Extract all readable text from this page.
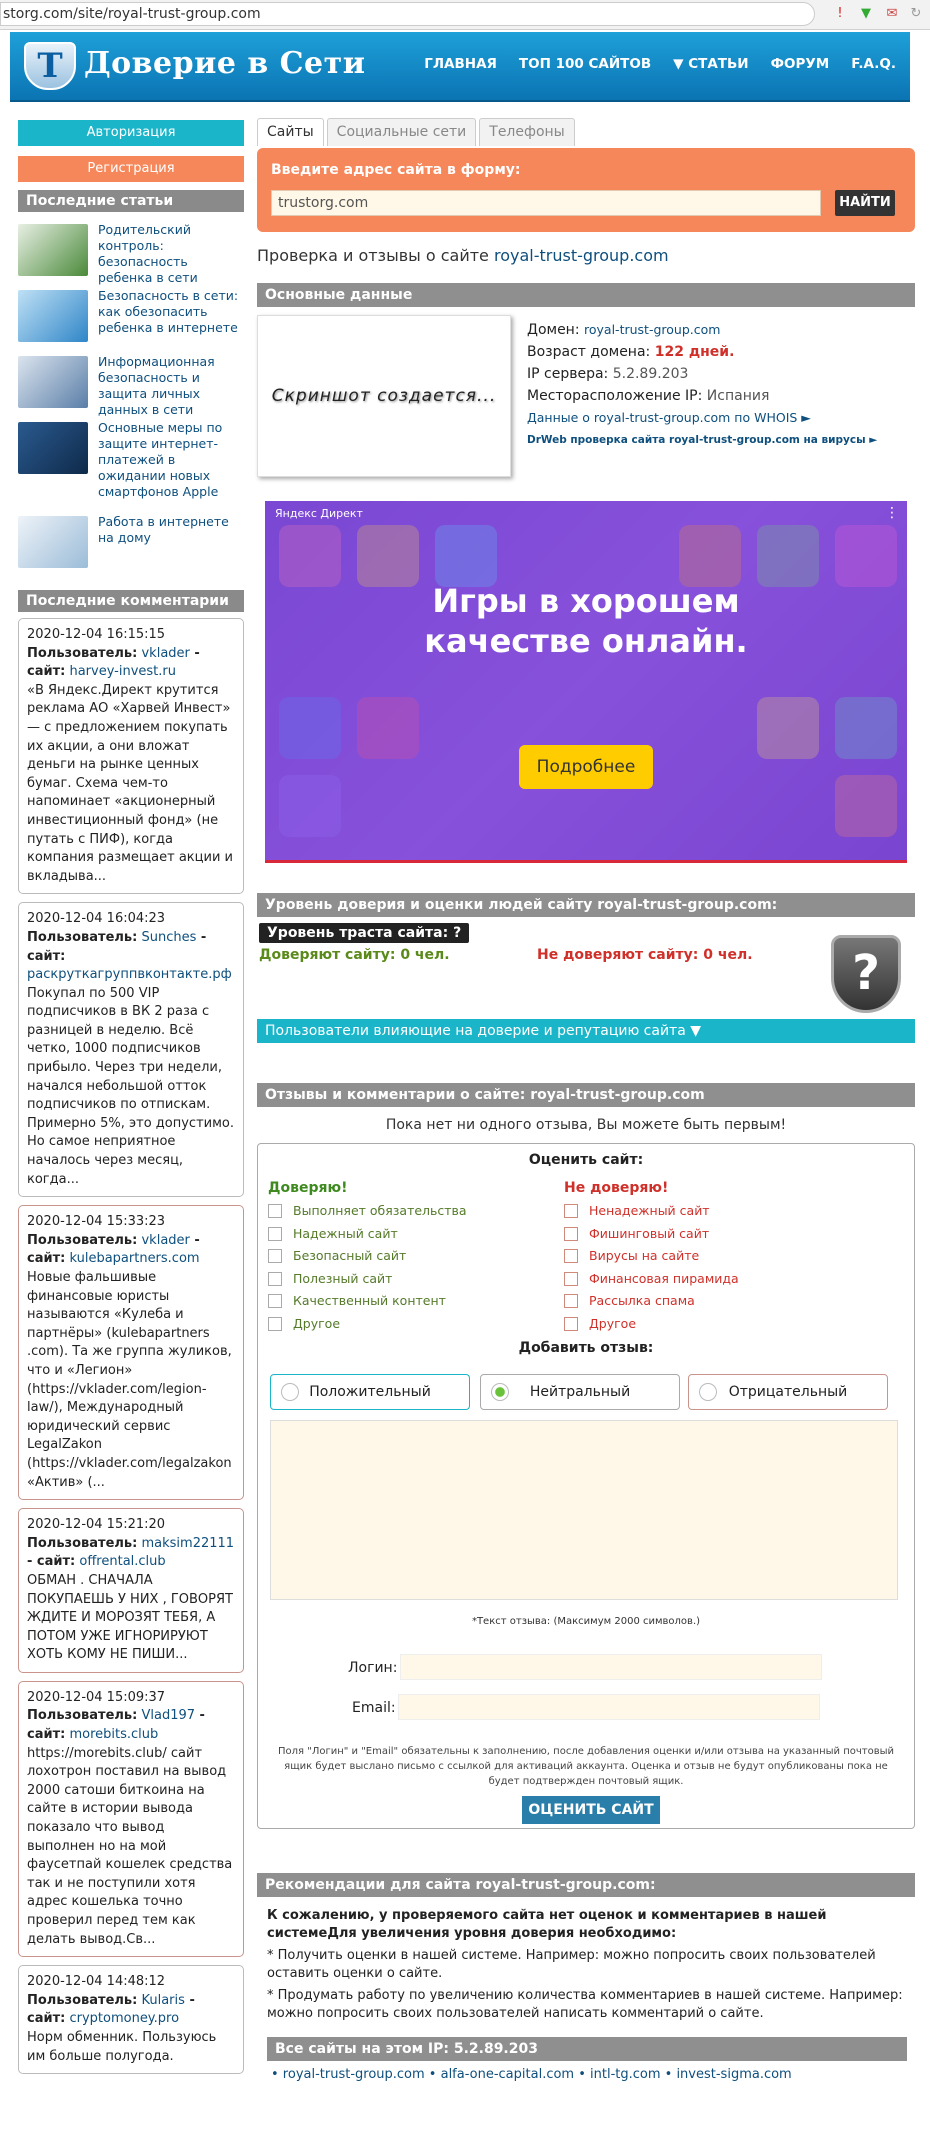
storg.com/site/royal-trust-group.com	!	▼ ✉ ↻
Т Доверие в Сети	ГЛАВНАЯ ТОП 100 САЙТОВ ▼ СТАТЬИ ФОРУМ F.A.Q.
Авторизация
Регистрация
Последние статьи
Родительский контроль: безопасность ребенка в сети
Безопасность в сети: как обезопасить ребенка в интернете
Информационная безопасность и защита личных данных в сети
Основные меры по защите интернет-платежей в ожидании новых смартфонов Apple
Работа в интернете на дому
Последние комментарии
2020-12-04 16:15:15
Пользователь: vklader - сайт: harvey-invest.ru
«В Яндекс.Директ крутится реклама АО «Харвей Инвест» — с предложением покупать их акции, а они вложат деньги на рынке ценных бумаг. Схема чем-то напоминает «акционерный инвестиционный фонд» (не путать с ПИФ), когда компания размещает акции и вкладыва...
2020-12-04 16:04:23
Пользователь: Sunches - сайт: раскруткагруппвконтакте.рф
Покупал по 500 VIP подписчиков в ВК 2 раза с разницей в неделю. Всё четко, 1000 подписчиков прибыло. Через три недели, начался небольшой отток подписчиков по отпискам. Примерно 5%, это допустимо. Но самое неприятное началось через месяц, когда...
2020-12-04 15:33:23
Пользователь: vklader - сайт: kulebapartners.com
Новые фальшивые финансовые юристы называются «Кулеба и партнёры» (kulebapartners .com). Та же группа жуликов, что и «Легион» (https://vklader.com/legion-law/), Международный юридический сервис LegalZakon (https://vklader.com/legalzakon «Актив» (...
2020-12-04 15:21:20
Пользователь: maksim22111 - сайт: offrental.club
ОБМАН . СНАЧАЛА ПОКУПАЕШЬ У НИХ , ГОВОРЯТ ЖДИТЕ И МОРОЗЯТ ТЕБЯ, А ПОТОМ УЖЕ ИГНОРИРУЮТ ХОТЬ КОМУ НЕ ПИШИ...
2020-12-04 15:09:37
Пользователь: Vlad197 - сайт: morebits.club
https://morebits.club/ сайт лохотрон поставил на вывод 2000 сатоши биткоина на сайте в истории вывода показало что вывод выполнен но на мой фаусетпай кошелек средства так и не поступили хотя адрес кошелька точно проверил перед тем как делать вывод.Св...
2020-12-04 14:48:12
Пользователь: Kularis - сайт: cryptomoney.pro
Норм обменник. Пользуюсь им больше полугода.
Сайты	Социальные сети	Телефоны
Введите адрес сайта в форму:
trustorg.com	НАЙТИ
Проверка и отзывы о сайте royal-trust-group.com
Основные данные
Скриншот создается...
Домен: royal-trust-group.com
Возраст домена: 122 дней.
IP сервера: 5.2.89.203
Месторасположение IP: Испания
Данные о royal-trust-group.com по WHOIS ►
DrWeb проверка сайта royal-trust-group.com на вирусы ►
Яндекс Директ	⋮
Игры в хорошем
качестве онлайн.
Подробнее
Уровень доверия и оценки людей сайту royal-trust-group.com:
Уровень траста сайта: ?
Доверяют сайту: 0 чел.	Не доверяют сайту: 0 чел.	?
Пользователи влияющие на доверие и репутацию сайта ▼
Отзывы и комментарии о сайте: royal-trust-group.com
Пока нет ни одного отзыва, Вы можете быть первым!
Оценить сайт:
Доверяю!
Выполняет обязательства
Надежный сайт
Безопасный сайт
Полезный сайт
Качественный контент
Другое
Не доверяю!
Ненадежный сайт
Фишинговый сайт
Вирусы на сайте
Финансовая пирамида
Рассылка спама
Другое
Добавить отзыв:
Положительный	Нейтральный	Отрицательный
*Текст отзыва: (Максимум 2000 символов.)
Логин:
Email:
Поля "Логин" и "Email" обязательны к заполнению, после добавления оценки и/или отзыва на указанный почтовый ящик будет выслано письмо с ссылкой для активаций аккаунта. Оценка и отзыв не будут опубликованы пока не будет подтвержден почтовый ящик.
ОЦЕНИТЬ САЙТ
Рекомендации для сайта royal-trust-group.com:
К сожалению, у проверяемого сайта нет оценок и комментариев в нашей системеДля увеличения уровня доверия необходимо:
* Получить оценки в нашей системе. Например: можно попросить своих пользователей оставить оценки о сайте.
* Продумать работу по увеличению количества комментариев в нашей системе. Например: можно попросить своих пользователей написать комментарий о сайте.
Все сайты на этом IP: 5.2.89.203
• royal-trust-group.com • alfa-one-capital.com • intl-tg.com • invest-sigma.com
